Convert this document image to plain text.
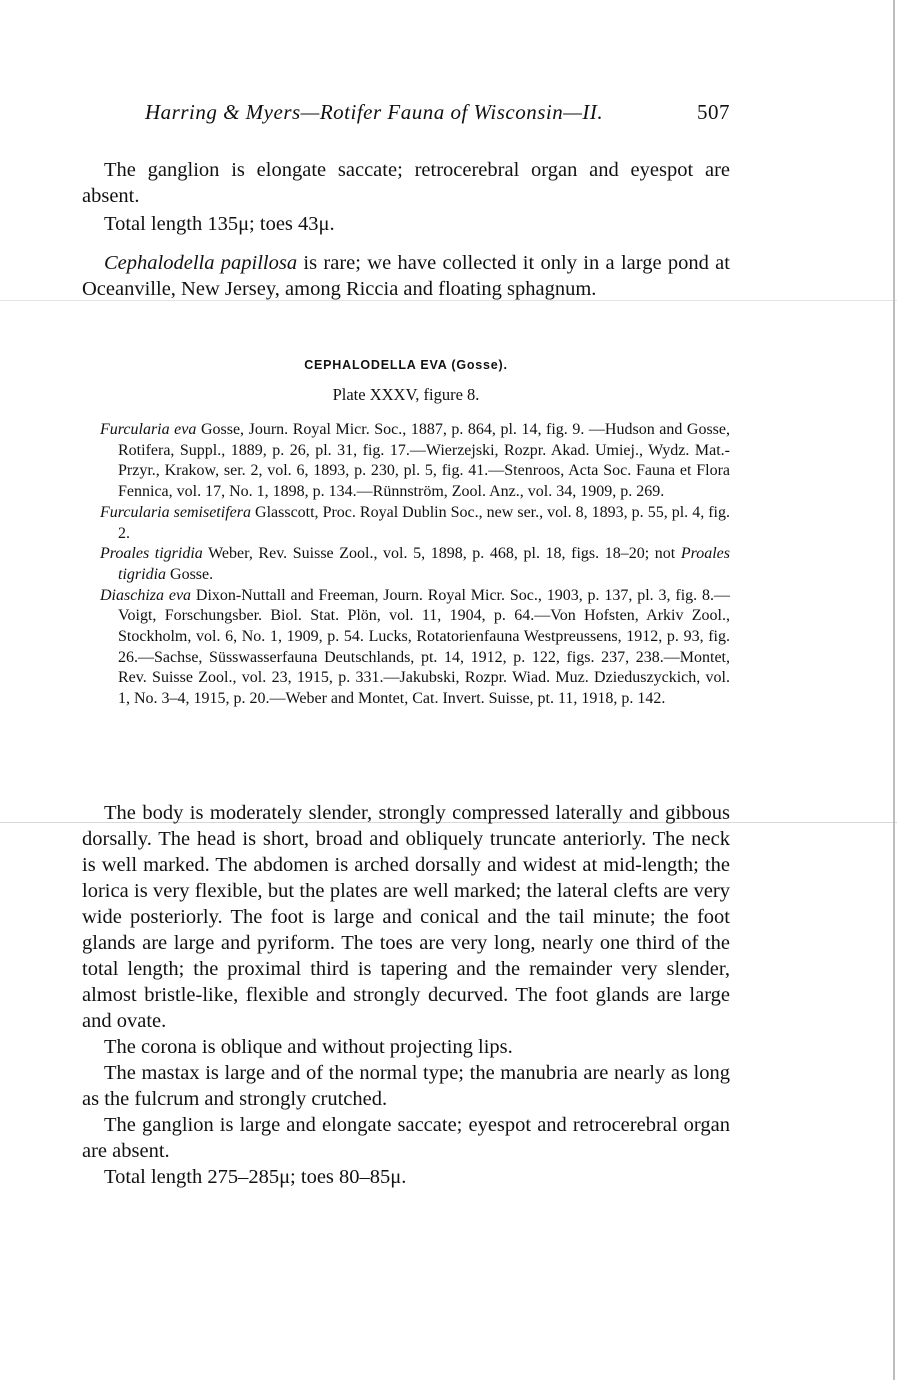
Harring & Myers—Rotifer Fauna of Wisconsin—II.	507

The ganglion is elongate saccate; retrocerebral organ and eyespot are absent.

Total length 135μ; toes 43μ.

Cephalodella papillosa is rare; we have collected it only in a large pond at Oceanville, New Jersey, among Riccia and floating sphagnum.

CEPHALODELLA EVA (Gosse).
Plate XXXV, figure 8.

Furcularia eva Gosse, Journ. Royal Micr. Soc., 1887, p. 864, pl. 14, fig. 9. —Hudson and Gosse, Rotifera, Suppl., 1889, p. 26, pl. 31, fig. 17.—Wierzejski, Rozpr. Akad. Umiej., Wydz. Mat.-Przyr., Krakow, ser. 2, vol. 6, 1893, p. 230, pl. 5, fig. 41.—Stenroos, Acta Soc. Fauna et Flora Fennica, vol. 17, No. 1, 1898, p. 134.—Rünnström, Zool. Anz., vol. 34, 1909, p. 269.

Furcularia semisetifera Glasscott, Proc. Royal Dublin Soc., new ser., vol. 8, 1893, p. 55, pl. 4, fig. 2.

Proales tigridia Weber, Rev. Suisse Zool., vol. 5, 1898, p. 468, pl. 18, figs. 18–20; not Proales tigridia Gosse.

Diaschiza eva Dixon-Nuttall and Freeman, Journ. Royal Micr. Soc., 1903, p. 137, pl. 3, fig. 8.—Voigt, Forschungsber. Biol. Stat. Plön, vol. 11, 1904, p. 64.—Von Hofsten, Arkiv Zool., Stockholm, vol. 6, No. 1, 1909, p. 54. Lucks, Rotatorienfauna Westpreussens, 1912, p. 93, fig. 26.—Sachse, Süsswasserfauna Deutschlands, pt. 14, 1912, p. 122, figs. 237, 238.—Montet, Rev. Suisse Zool., vol. 23, 1915, p. 331.—Jakubski, Rozpr. Wiad. Muz. Dzieduszyckich, vol. 1, No. 3–4, 1915, p. 20.—Weber and Montet, Cat. Invert. Suisse, pt. 11, 1918, p. 142.

The body is moderately slender, strongly compressed laterally and gibbous dorsally. The head is short, broad and obliquely truncate anteriorly. The neck is well marked. The abdomen is arched dorsally and widest at mid-length; the lorica is very flexible, but the plates are well marked; the lateral clefts are very wide posteriorly. The foot is large and conical and the tail minute; the foot glands are large and pyriform. The toes are very long, nearly one third of the total length; the proximal third is tapering and the remainder very slender, almost bristle-like, flexible and strongly decurved. The foot glands are large and ovate.

The corona is oblique and without projecting lips.

The mastax is large and of the normal type; the manubria are nearly as long as the fulcrum and strongly crutched.

The ganglion is large and elongate saccate; eyespot and retrocerebral organ are absent.

Total length 275–285μ; toes 80–85μ.
